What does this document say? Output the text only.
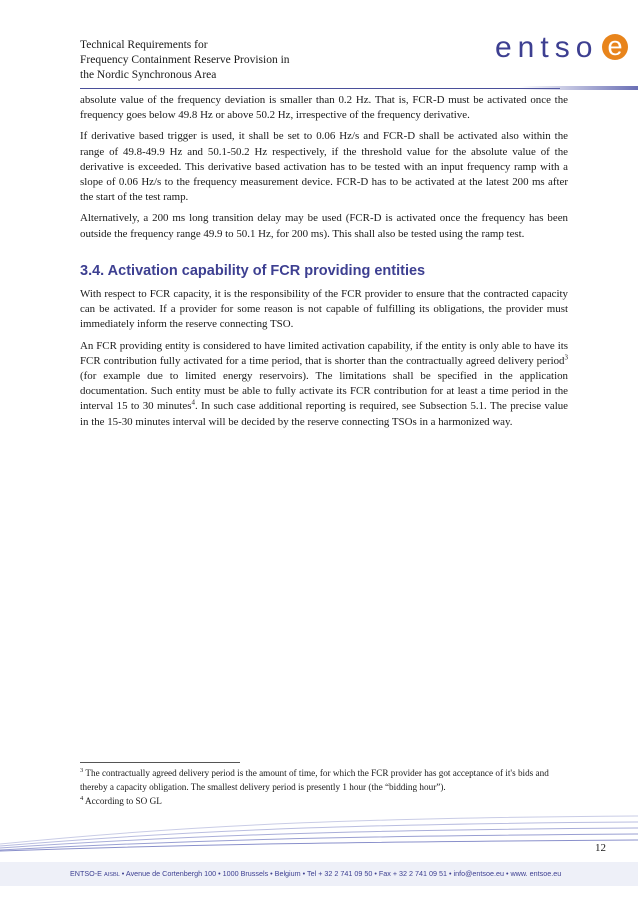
Technical Requirements for
Frequency Containment Reserve Provision in
the Nordic Synchronous Area
entso e

absolute value of the frequency deviation is smaller than 0.2 Hz. That is, FCR-D must be activated once the frequency goes below 49.8 Hz or above 50.2 Hz, irrespective of the frequency derivative.

If derivative based trigger is used, it shall be set to 0.06 Hz/s and FCR-D shall be activated also within the range of 49.8-49.9 Hz and 50.1-50.2 Hz respectively, if the threshold value for the absolute value of the derivative is exceeded. This derivative based activation has to be tested with an input frequency ramp with a slope of 0.06 Hz/s to the frequency measurement device. FCR-D has to be activated at the latest 200 ms after the start of the test ramp.

Alternatively, a 200 ms long transition delay may be used (FCR-D is activated once the frequency has been outside the frequency range 49.9 to 50.1 Hz, for 200 ms). This shall also be tested using the ramp test.

3.4. Activation capability of FCR providing entities

With respect to FCR capacity, it is the responsibility of the FCR provider to ensure that the contracted capacity can be activated. If a provider for some reason is not capable of fulfilling its obligations, the provider must immediately inform the reserve connecting TSO.

An FCR providing entity is considered to have limited activation capability, if the entity is only able to have its FCR contribution fully activated for a time period, that is shorter than the contractually agreed delivery period$^3$ (for example due to limited energy reservoirs). The limitations shall be specified in the application documentation. Such entity must be able to fully activate its FCR contribution for at least a time period in the interval 15 to 30 minutes$^4$. In such case additional reporting is required, see Subsection 5.1. The precise value in the 15-30 minutes interval will be decided by the reserve connecting TSOs in a harmonized way.

$^3$ The contractually agreed delivery period is the amount of time, for which the FCR provider has got acceptance of it's bids and thereby a capacity obligation. The smallest delivery period is presently 1 hour (the “bidding hour”).

$^4$ According to SO GL

12
ENTSO-E AISBL • Avenue de Cortenbergh 100 • 1000 Brussels • Belgium • Tel + 32 2 741 09 50 • Fax + 32 2 741 09 51 • info@entsoe.eu • www. entsoe.eu
